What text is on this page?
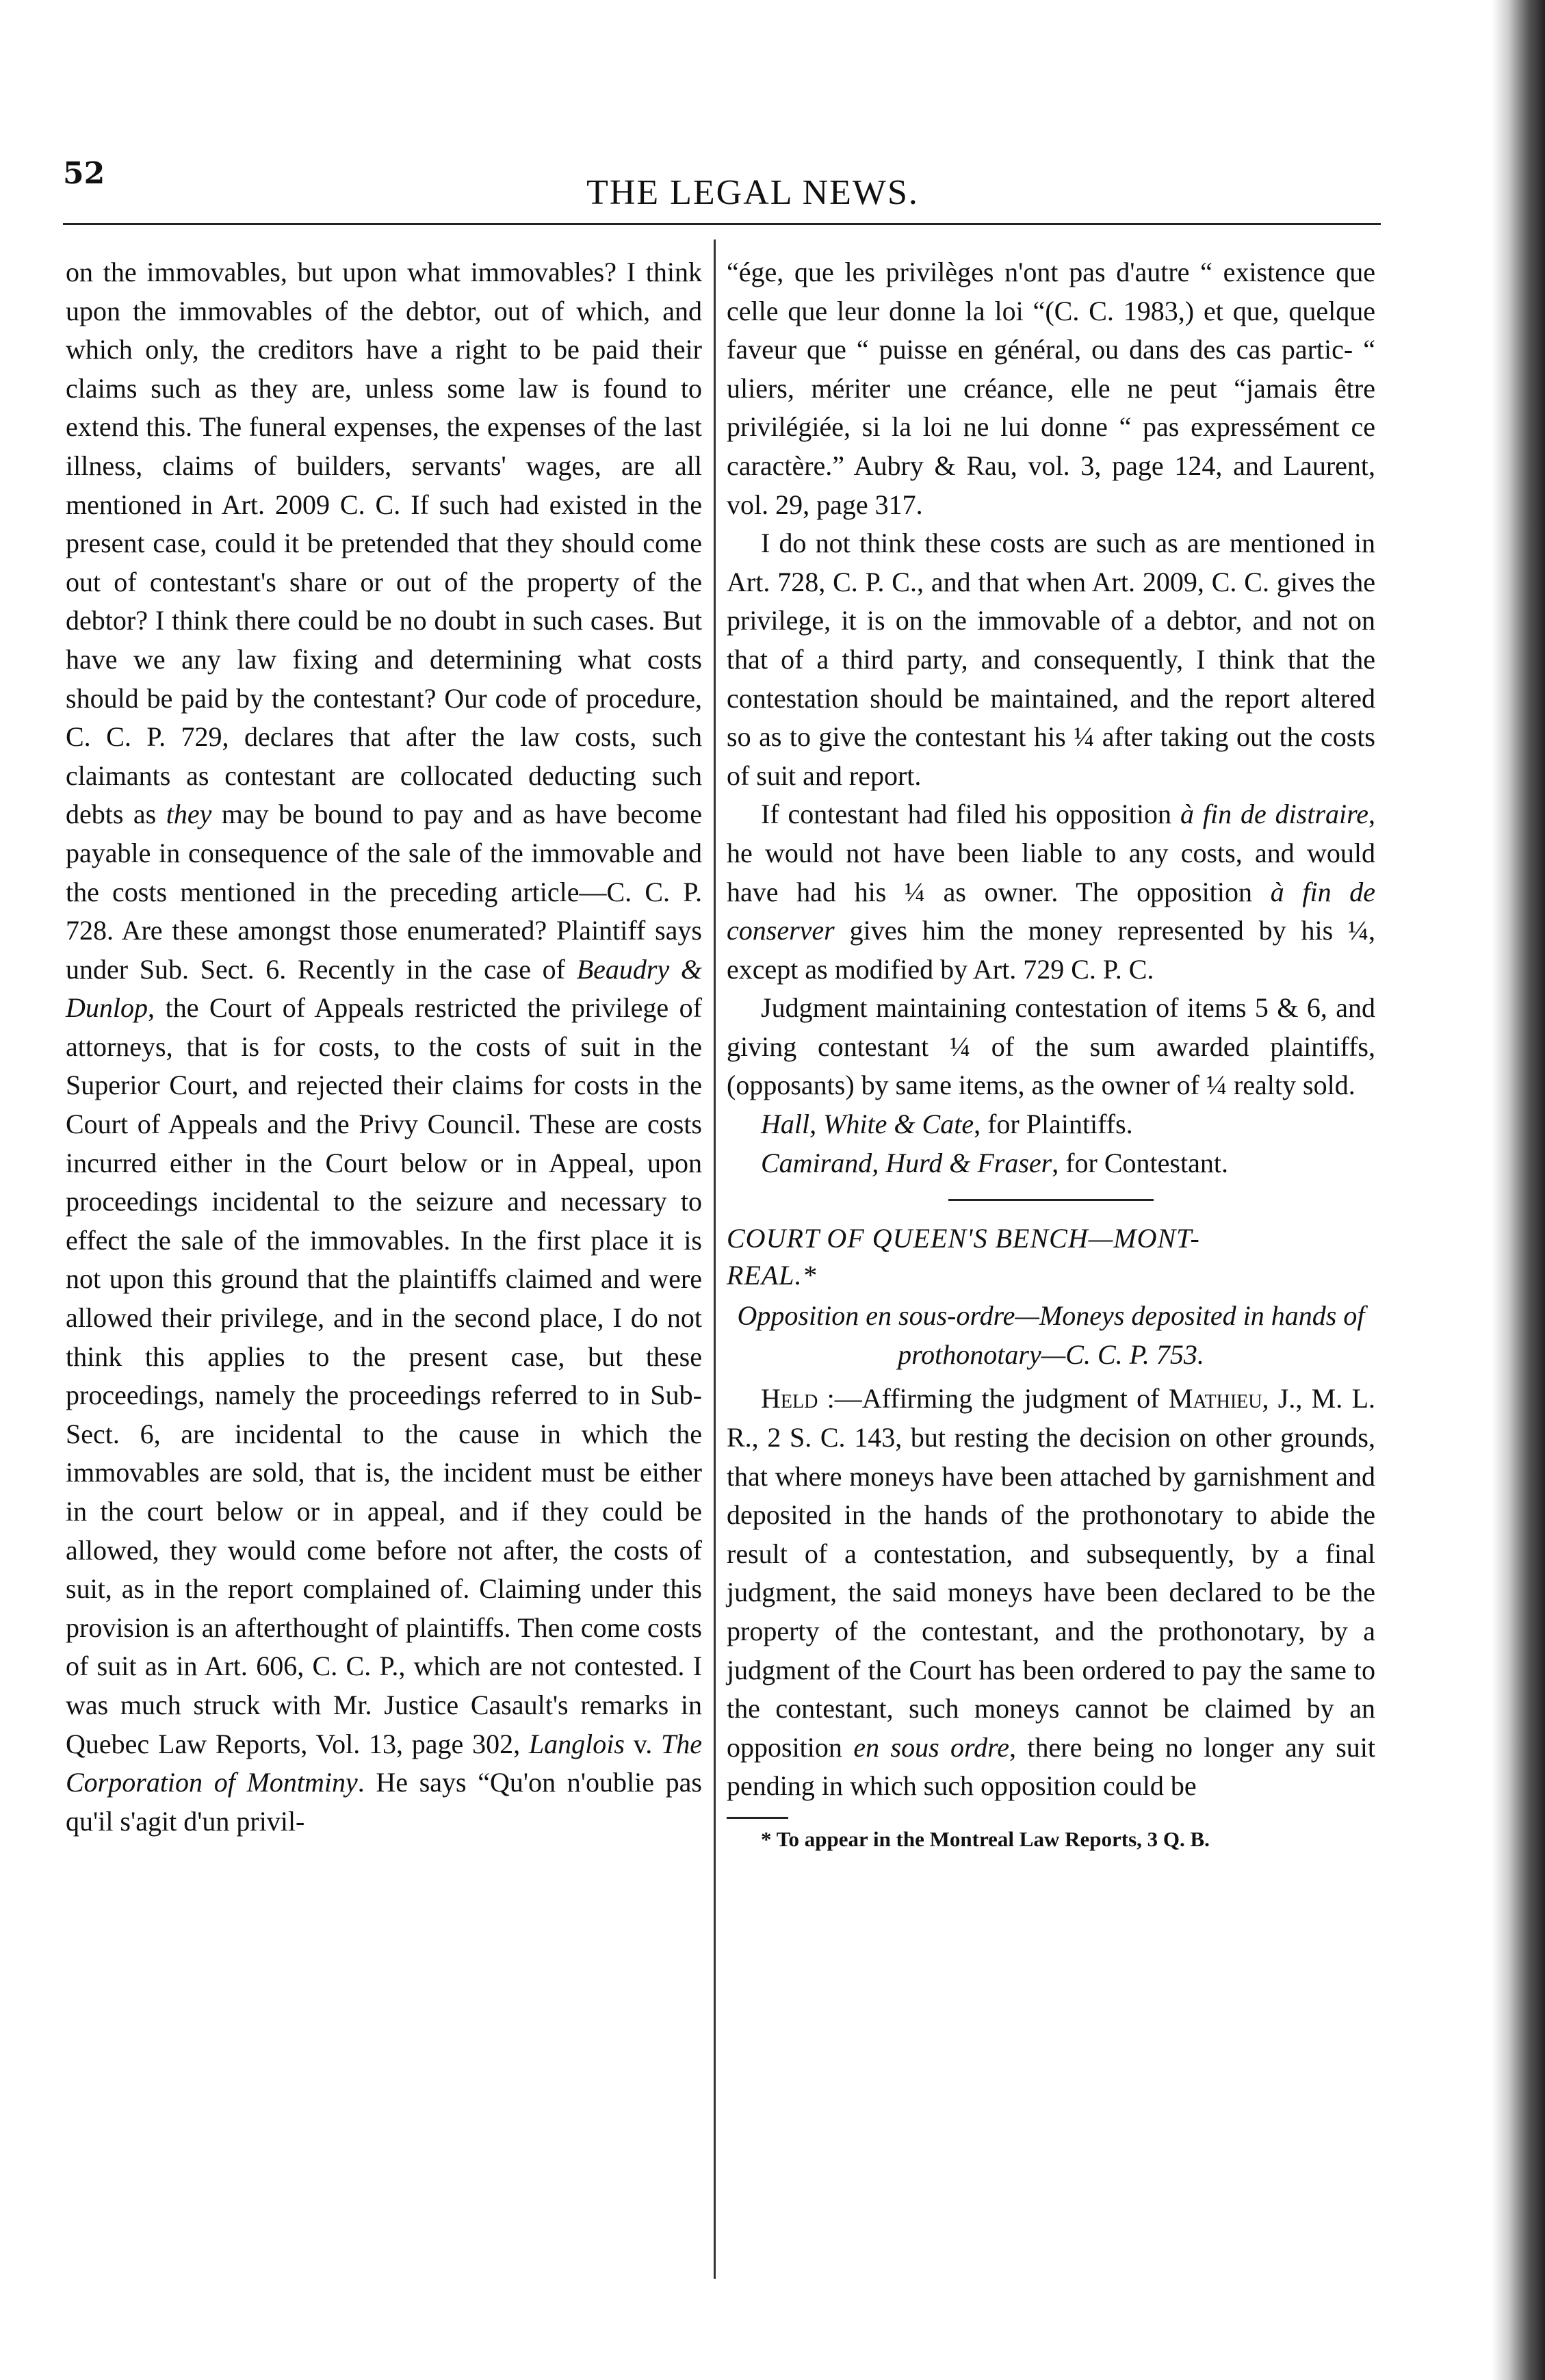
52	THE LEGAL NEWS.

on the immovables, but upon what immovables? I think upon the immovables of the debtor, out of which, and which only, the creditors have a right to be paid their claims such as they are, unless some law is found to extend this. The funeral expenses, the expenses of the last illness, claims of builders, servants' wages, are all mentioned in Art. 2009 C. C. If such had existed in the present case, could it be pretended that they should come out of contestant's share or out of the property of the debtor? I think there could be no doubt in such cases. But have we any law fixing and determining what costs should be paid by the contestant? Our code of procedure, C. C. P. 729, declares that after the law costs, such claimants as contestant are collocated deducting such debts as they may be bound to pay and as have become payable in consequence of the sale of the immovable and the costs mentioned in the preceding article—C. C. P. 728. Are these amongst those enumerated? Plaintiff says under Sub. Sect. 6. Recently in the case of Beaudry & Dunlop, the Court of Appeals restricted the privilege of attorneys, that is for costs, to the costs of suit in the Superior Court, and rejected their claims for costs in the Court of Appeals and the Privy Council. These are costs incurred either in the Court below or in Appeal, upon proceedings incidental to the seizure and necessary to effect the sale of the immovables. In the first place it is not upon this ground that the plaintiffs claimed and were allowed their privilege, and in the second place, I do not think this applies to the present case, but these proceedings, namely the proceedings referred to in Sub-Sect. 6, are incidental to the cause in which the immovables are sold, that is, the incident must be either in the court below or in appeal, and if they could be allowed, they would come before not after, the costs of suit, as in the report complained of. Claiming under this provision is an afterthought of plaintiffs. Then come costs of suit as in Art. 606, C. C. P., which are not contested. I was much struck with Mr. Justice Casault's remarks in Quebec Law Reports, Vol. 13, page 302, Langlois v. The Corporation of Montminy. He says “Qu'on n'oublie pas qu'il s'agit d'un privil-

“ége, que les privilèges n'ont pas d'autre “ existence que celle que leur donne la loi “(C. C. 1983,) et que, quelque faveur que “ puisse en général, ou dans des cas partic- “ uliers, mériter une créance, elle ne peut “jamais être privilégiée, si la loi ne lui donne “ pas expressément ce caractère.” Aubry & Rau, vol. 3, page 124, and Laurent, vol. 29, page 317.

I do not think these costs are such as are mentioned in Art. 728, C. P. C., and that when Art. 2009, C. C. gives the privilege, it is on the immovable of a debtor, and not on that of a third party, and consequently, I think that the contestation should be maintained, and the report altered so as to give the contestant his ¼ after taking out the costs of suit and report.

If contestant had filed his opposition à fin de distraire, he would not have been liable to any costs, and would have had his ¼ as owner. The opposition à fin de conserver gives him the money represented by his ¼, except as modified by Art. 729 C. P. C.

Judgment maintaining contestation of items 5 & 6, and giving contestant ¼ of the sum awarded plaintiffs, (opposants) by same items, as the owner of ¼ realty sold.

Hall, White & Cate, for Plaintiffs.

Camirand, Hurd & Fraser, for Contestant.

COURT OF QUEEN'S BENCH—MONT-

REAL.*

Opposition en sous-ordre—Moneys deposited in hands of prothonotary—C. C. P. 753.

Held :—Affirming the judgment of Mathieu, J., M. L. R., 2 S. C. 143, but resting the decision on other grounds, that where moneys have been attached by garnishment and deposited in the hands of the prothonotary to abide the result of a contestation, and subsequently, by a final judgment, the said moneys have been declared to be the property of the contestant, and the prothonotary, by a judgment of the Court has been ordered to pay the same to the contestant, such moneys cannot be claimed by an opposition en sous ordre, there being no longer any suit pending in which such opposition could be

* To appear in the Montreal Law Reports, 3 Q. B.
